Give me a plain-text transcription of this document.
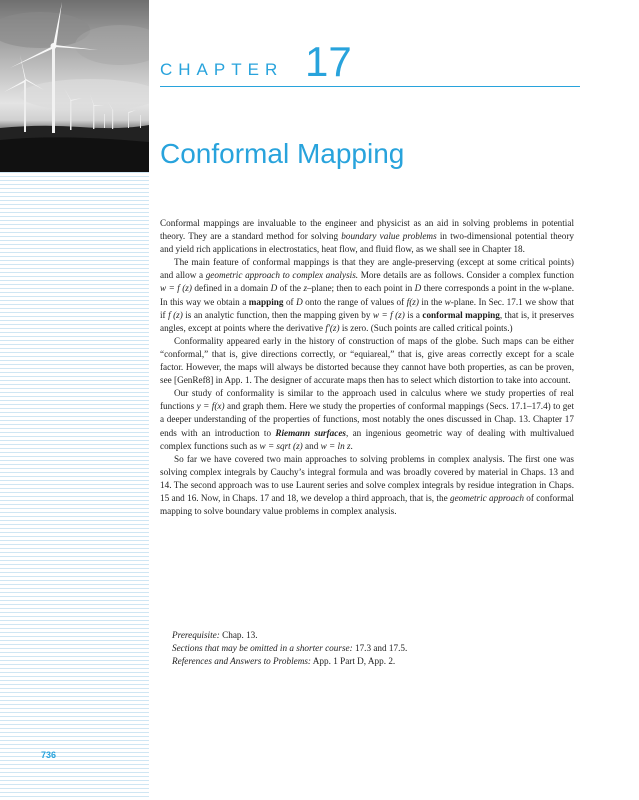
CHAPTER 17
Conformal Mapping

Conformal mappings are invaluable to the engineer and physicist as an aid in solving problems in potential theory. They are a standard method for solving boundary value problems in two-dimensional potential theory and yield rich applications in electrostatics, heat flow, and fluid flow, as we shall see in Chapter 18.

The main feature of conformal mappings is that they are angle-preserving (except at some critical points) and allow a geometric approach to complex analysis. More details are as follows. Consider a complex function w = f (z) defined in a domain D of the z–plane; then to each point in D there corresponds a point in the w-plane. In this way we obtain a mapping of D onto the range of values of f(z) in the w-plane. In Sec. 17.1 we show that if f (z) is an analytic function, then the mapping given by w = f (z) is a conformal mapping, that is, it preserves angles, except at points where the derivative f′(z) is zero. (Such points are called critical points.)

Conformality appeared early in the history of construction of maps of the globe. Such maps can be either “conformal,” that is, give directions correctly, or “equiareal,” that is, give areas correctly except for a scale factor. However, the maps will always be distorted because they cannot have both properties, as can be proven, see [GenRef8] in App. 1. The designer of accurate maps then has to select which distortion to take into account.

Our study of conformality is similar to the approach used in calculus where we study properties of real functions y = f(x) and graph them. Here we study the properties of conformal mappings (Secs. 17.1–17.4) to get a deeper understanding of the properties of functions, most notably the ones discussed in Chap. 13. Chapter 17 ends with an introduction to Riemann surfaces, an ingenious geometric way of dealing with multivalued complex functions such as w = sqrt (z) and w = ln z.

So far we have covered two main approaches to solving problems in complex analysis. The first one was solving complex integrals by Cauchy’s integral formula and was broadly covered by material in Chaps. 13 and 14. The second approach was to use Laurent series and solve complex integrals by residue integration in Chaps. 15 and 16. Now, in Chaps. 17 and 18, we develop a third approach, that is, the geometric approach of conformal mapping to solve boundary value problems in complex analysis.

Prerequisite: Chap. 13.
Sections that may be omitted in a shorter course: 17.3 and 17.5.
References and Answers to Problems: App. 1 Part D, App. 2.
736
